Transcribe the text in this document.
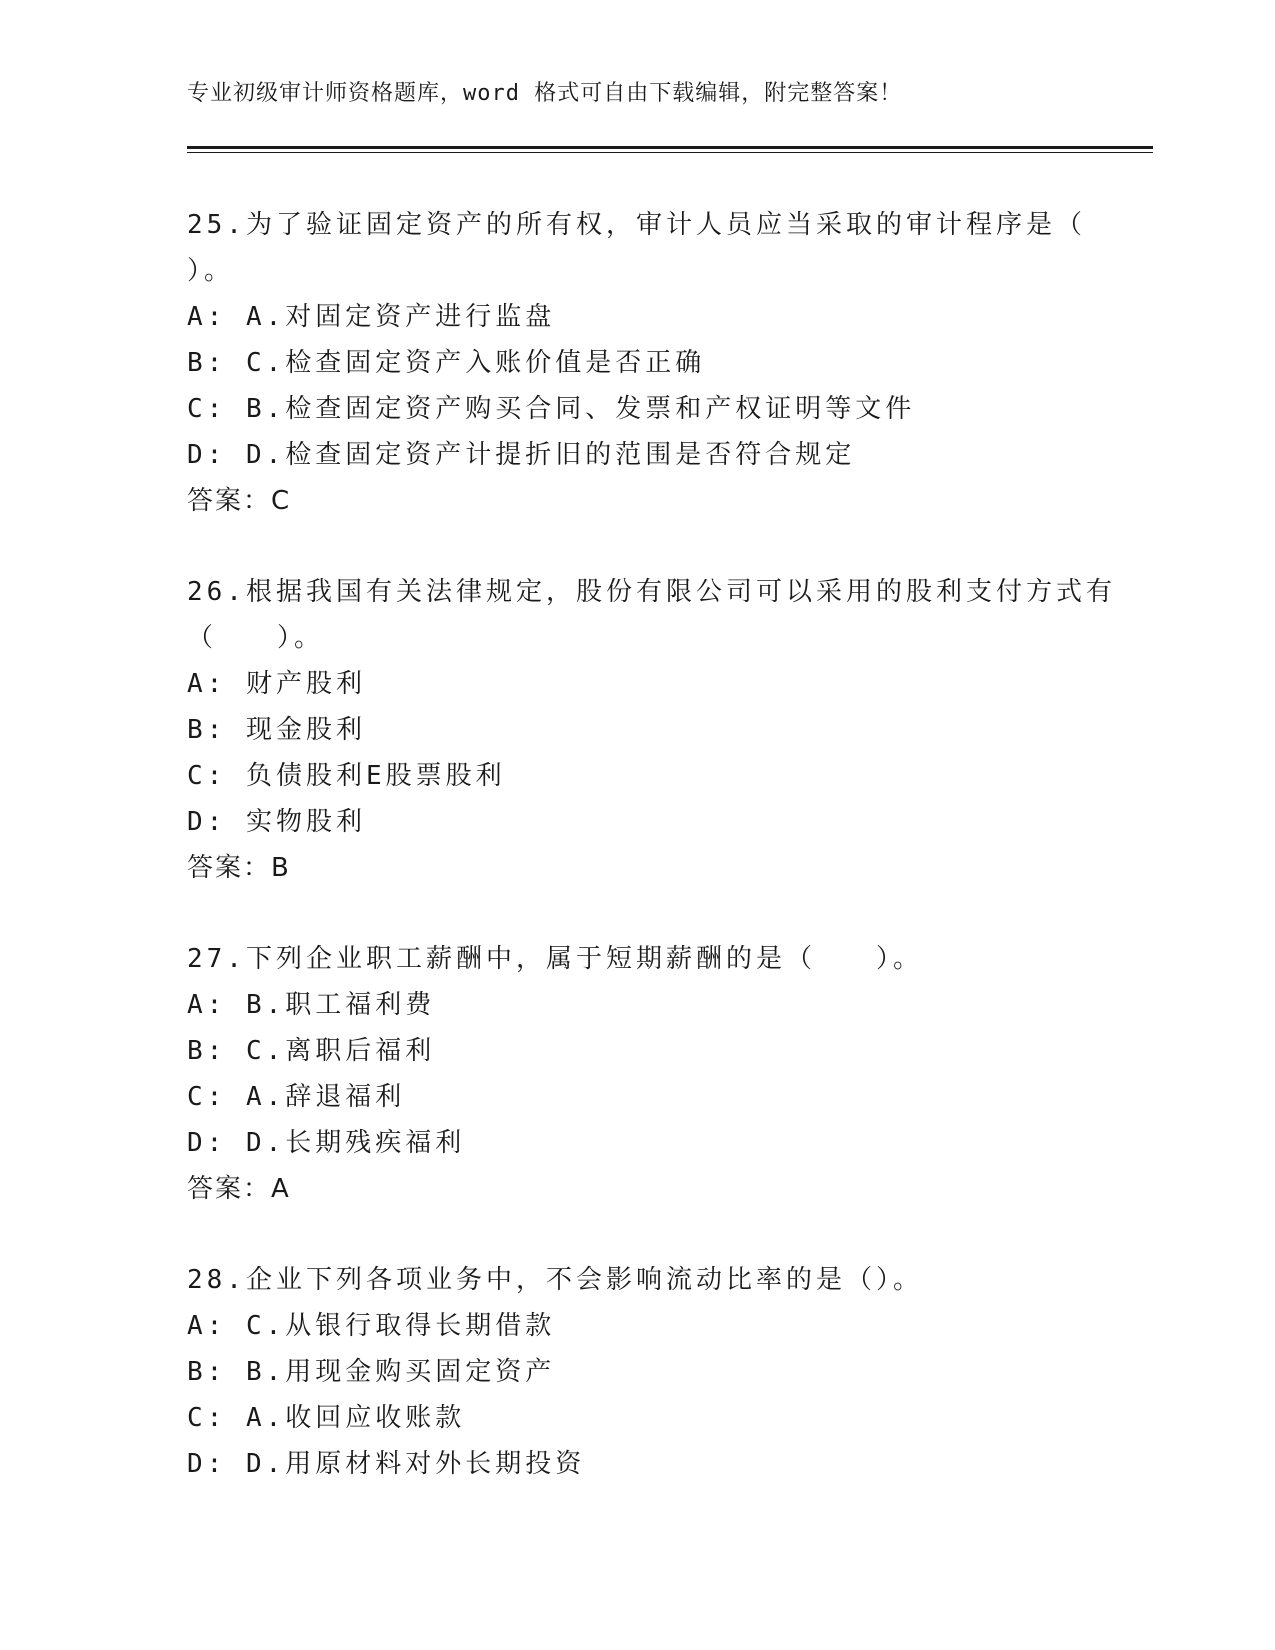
专业初级审计师资格题库，word 格式可自由下载编辑，附完整答案！
25.为了验证固定资产的所有权，审计人员应当采取的审计程序是（
）。
A: A.对固定资产进行监盘
B: C.检查固定资产入账价值是否正确
C: B.检查固定资产购买合同、发票和产权证明等文件
D: D.检查固定资产计提折旧的范围是否符合规定
答案：C
26.根据我国有关法律规定，股份有限公司可以采用的股利支付方式有
（　　）。
A: 财产股利
B: 现金股利
C: 负债股利E股票股利
D: 实物股利
答案：B
27.下列企业职工薪酬中，属于短期薪酬的是（　　）。
A: B.职工福利费
B: C.离职后福利
C: A.辞退福利
D: D.长期残疾福利
答案：A
28.企业下列各项业务中，不会影响流动比率的是（）。
A: C.从银行取得长期借款
B: B.用现金购买固定资产
C: A.收回应收账款
D: D.用原材料对外长期投资
